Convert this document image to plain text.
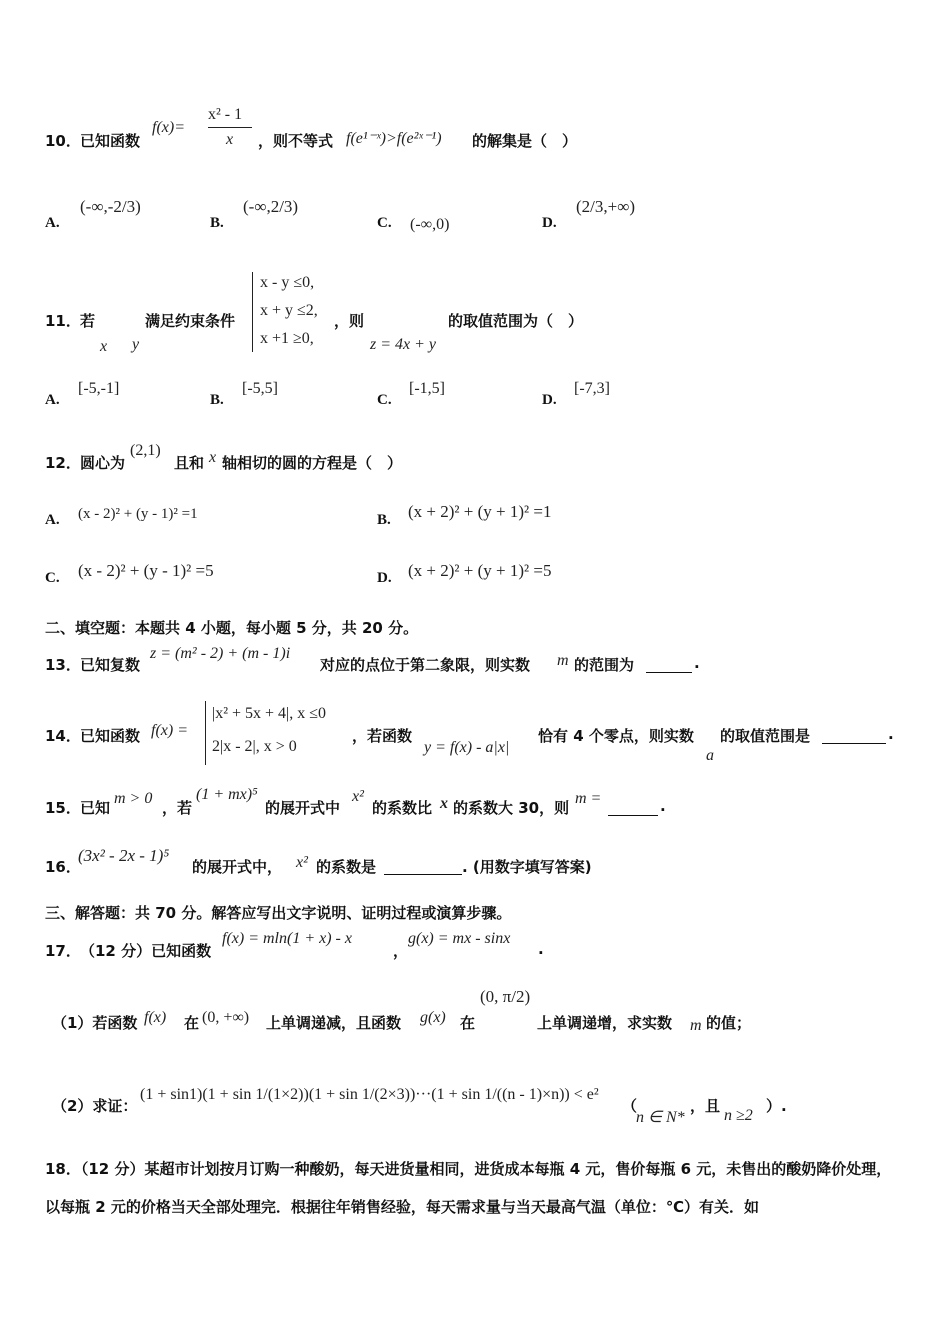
10． 已知函数
f(x)=
x² - 1
x ，则不等式 f(e¹⁻ˣ)>f(e²ˣ⁻¹) 的解集是（　）
A.
(-∞,-2/3)
B.
(-∞,2/3)
C. (-∞,0)	D.
(2/3,+∞)
11． 若
x y
满足约束条件
x - y ≤0,
x + y ≤2,
x +1 ≥0,
，则
z = 4x + y
的取值范围为（　）
A.
[-5,-1]
B.
[-5,5]
C.
[-1,5]
D.
[-7,3]
12． 圆心为
(2,1)
且和 x 轴相切的圆的方程是（　）
A. (x - 2)² + (y - 1)² =1	B. (x + 2)² + (y + 1)² =1
C. (x - 2)² + (y - 1)² =5	D. (x + 2)² + (y + 1)² =5
二、填空题：本题共 4 小题，每小题 5 分，共 20 分。
13． 已知复数
z = (m² - 2) + (m - 1)i
对应的点位于第二象限，则实数 m 的范围为	.
14． 已知函数 f(x) =
|x² + 5x + 4|, x ≤0
2|x - 2|, x > 0
，若函数
y = f(x) - a|x|
恰有 4 个零点，则实数
a
的取值范围是	.
15． 已知
m > 0
，若
(1 + mx)⁵
的展开式中
x²
的系数比 x 的系数大 30，则
m =	.
16．
(3x² - 2x - 1)⁵
的展开式中， x² 的系数是	. (用数字填写答案)
三、解答题：共 70 分。解答应写出文字说明、证明过程或演算步骤。
17． （12 分）已知函数
f(x) = mln(1 + x) - x
，
g(x) = mx - sinx
.
（1）若函数 f(x) 在 (0, +∞) 上单调递减，且函数 g(x) 在
(0, π/2)
上单调递增，求实数 m 的值；
（2）求证：
(1 + sin1)(1 + sin 1/(1×2))(1 + sin 1/(2×3))···(1 + sin 1/((n - 1)×n)) < e²
（
n ∈ N*
，且
n ≥2
）.
18．（12 分）某超市计划按月订购一种酸奶，每天进货量相同，进货成本每瓶 4 元，售价每瓶 6 元，未售出的酸奶降价处理，以每瓶 2 元的价格当天全部处理完．根据往年销售经验，每天需求量与当天最高气温（单位：℃）有关．如
